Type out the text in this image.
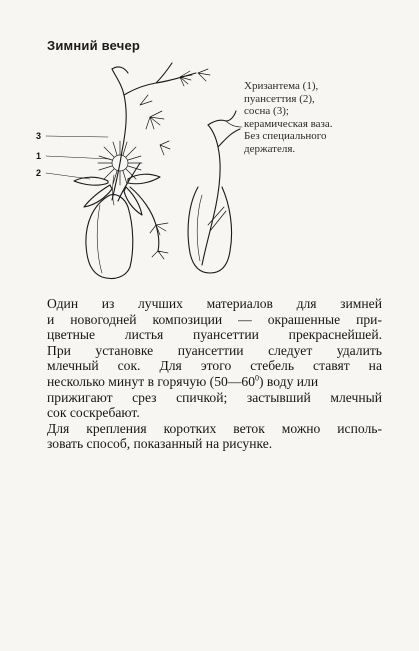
Зимний вечер
3
1
2
Хризантема (1),
пуансеттия (2),
сосна (3);
керамическая ваза.
Без специального
держателя.
Один из лучших материалов для зимней
и новогодней композиции — окрашенные при-
цветные листья пуансеттии прекраснейшей.
При установке пуансеттии следует удалить
млечный сок. Для этого стебель ставят на
несколько минут в горячую $(50—60^0)$ воду или
прижигают срез спичкой; застывший млечный
сок соскребают.
Для крепления коротких веток можно исполь-
зовать способ, показанный на рисунке.
